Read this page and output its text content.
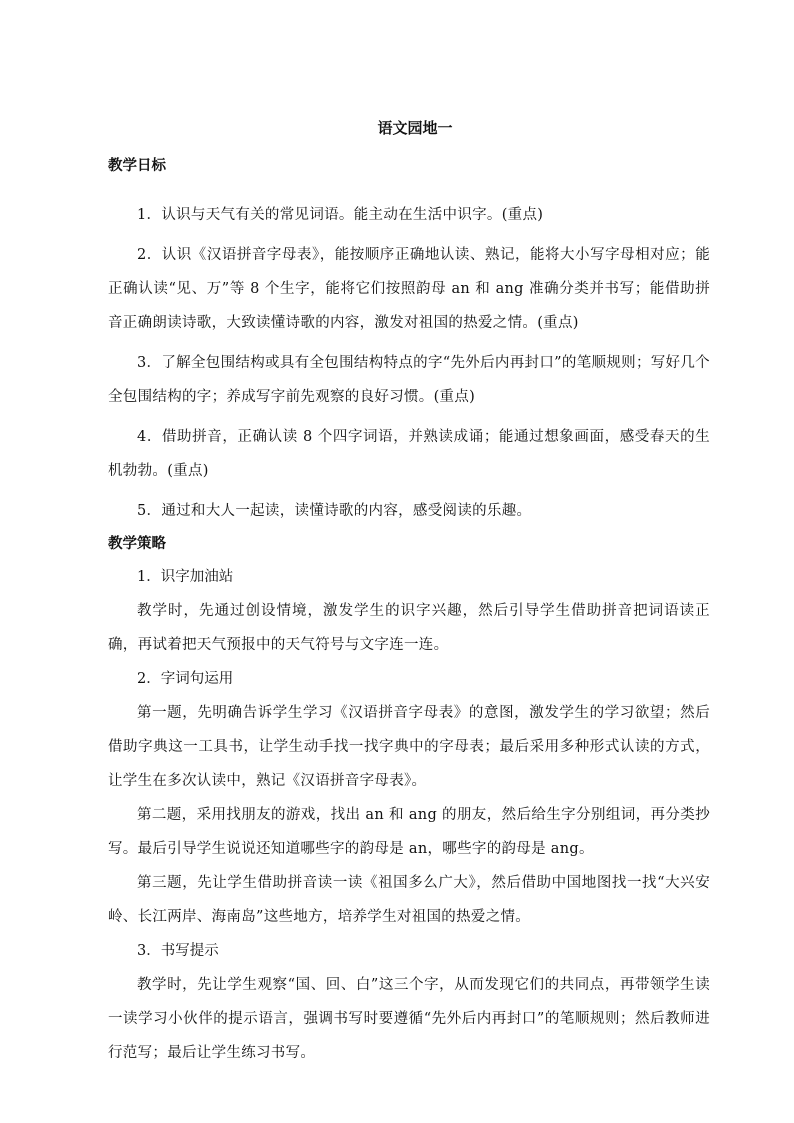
语文园地一
教学日标

1．认识与天气有关的常见词语。能主动在生活中识字。(重点)

2．认识《汉语拼音字母表》，能按顺序正确地认读、熟记，能将大小写字母相对应；能正确认读“见、万”等 8 个生字，能将它们按照韵母 an 和 ang 准确分类并书写；能借助拼音正确朗读诗歌，大致读懂诗歌的内容，激发对祖国的热爱之情。(重点)

3．了解全包围结构或具有全包围结构特点的字“先外后内再封口”的笔顺规则；写好几个全包围结构的字；养成写字前先观察的良好习惯。(重点)

4．借助拼音，正确认读 8 个四字词语，并熟读成诵；能通过想象画面，感受春天的生机勃勃。(重点)

5．通过和大人一起读，读懂诗歌的内容，感受阅读的乐趣。

教学策略

1．识字加油站

教学时，先通过创设情境，激发学生的识字兴趣，然后引导学生借助拼音把词语读正确，再试着把天气预报中的天气符号与文字连一连。

2．字词句运用

第一题，先明确告诉学生学习《汉语拼音字母表》的意图，激发学生的学习欲望；然后借助字典这一工具书，让学生动手找一找字典中的字母表；最后采用多种形式认读的方式，让学生在多次认读中，熟记《汉语拼音字母表》。

第二题，采用找朋友的游戏，找出 an 和 ang 的朋友，然后给生字分别组词，再分类抄写。最后引导学生说说还知道哪些字的韵母是 an，哪些字的韵母是 ang。

第三题，先让学生借助拼音读一读《祖国多么广大》，然后借助中国地图找一找“大兴安岭、长江两岸、海南岛”这些地方，培养学生对祖国的热爱之情。

3．书写提示

教学时，先让学生观察“国、回、白”这三个字，从而发现它们的共同点，再带领学生读一读学习小伙伴的提示语言，强调书写时要遵循“先外后内再封口”的笔顺规则；然后教师进行范写；最后让学生练习书写。
